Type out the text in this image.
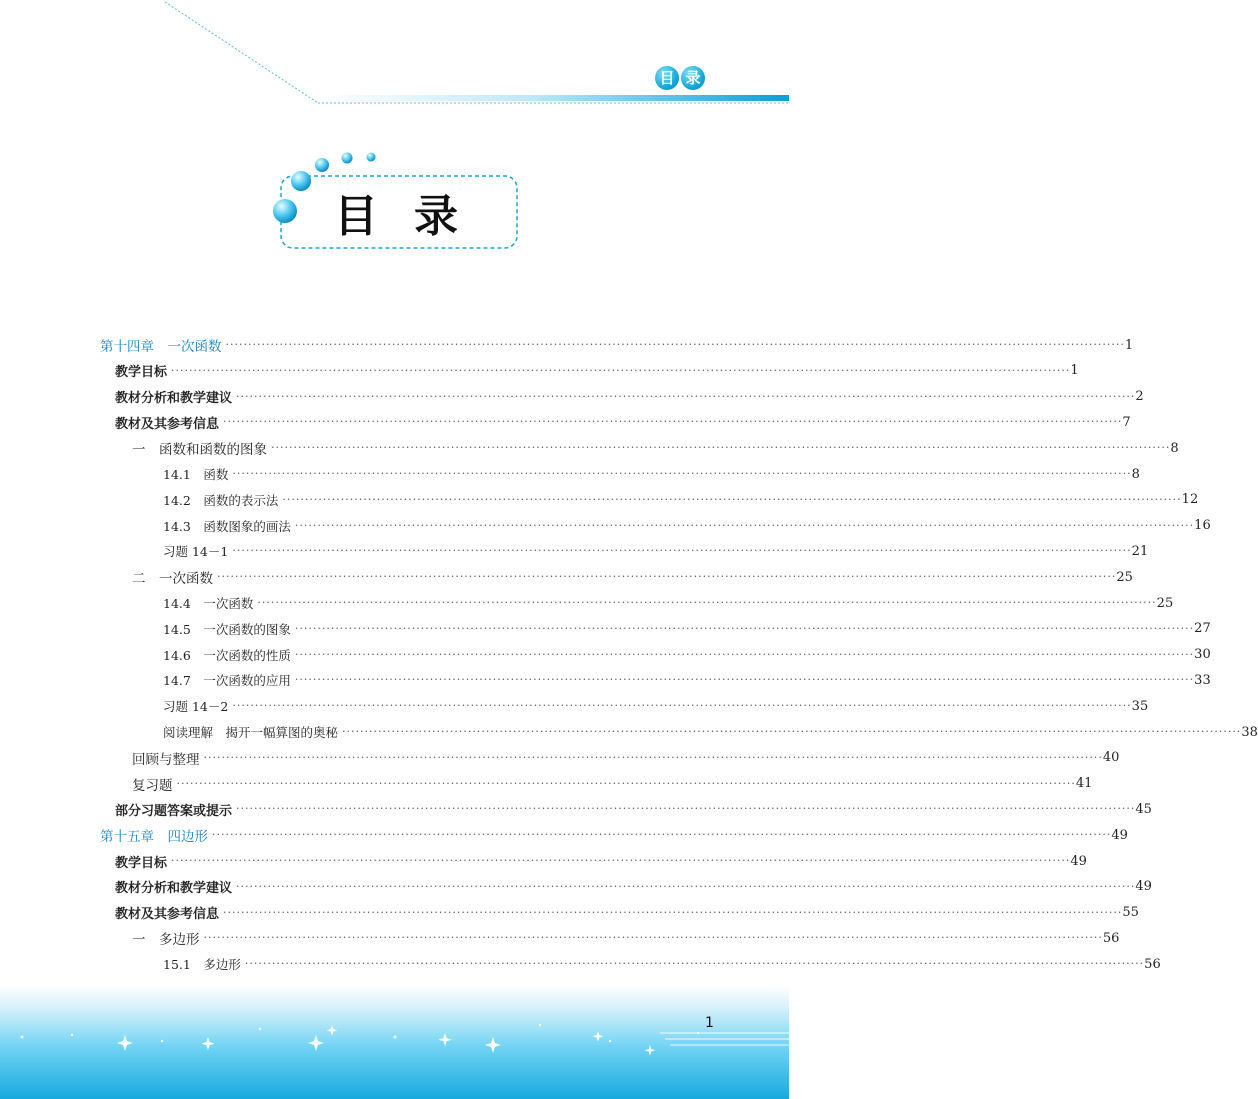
目 录
目录
第十四章　一次函数 ········································································································································································································ 1
教学目标 ········································································································································································································ 1
教材分析和教学建议 ········································································································································································································ 2
教材及其参考信息 ········································································································································································································ 7
一　函数和函数的图象 ········································································································································································································ 8
14.1　函数 ········································································································································································································ 8
14.2　函数的表示法 ········································································································································································································ 12
14.3　函数图象的画法 ········································································································································································································ 16
习题 14－1 ········································································································································································································ 21
二　一次函数 ········································································································································································································ 25
14.4　一次函数 ········································································································································································································ 25
14.5　一次函数的图象 ········································································································································································································ 27
14.6　一次函数的性质 ········································································································································································································ 30
14.7　一次函数的应用 ········································································································································································································ 33
习题 14－2 ········································································································································································································ 35
阅读理解　揭开一幅算图的奥秘 ········································································································································································································ 38
回顾与整理 ········································································································································································································ 40
复习题 ········································································································································································································ 41
部分习题答案或提示 ········································································································································································································ 45
第十五章　四边形 ········································································································································································································ 49
教学目标 ········································································································································································································ 49
教材分析和教学建议 ········································································································································································································ 49
教材及其参考信息 ········································································································································································································ 55
一　多边形 ········································································································································································································ 56
15.1　多边形 ········································································································································································································ 56
1
